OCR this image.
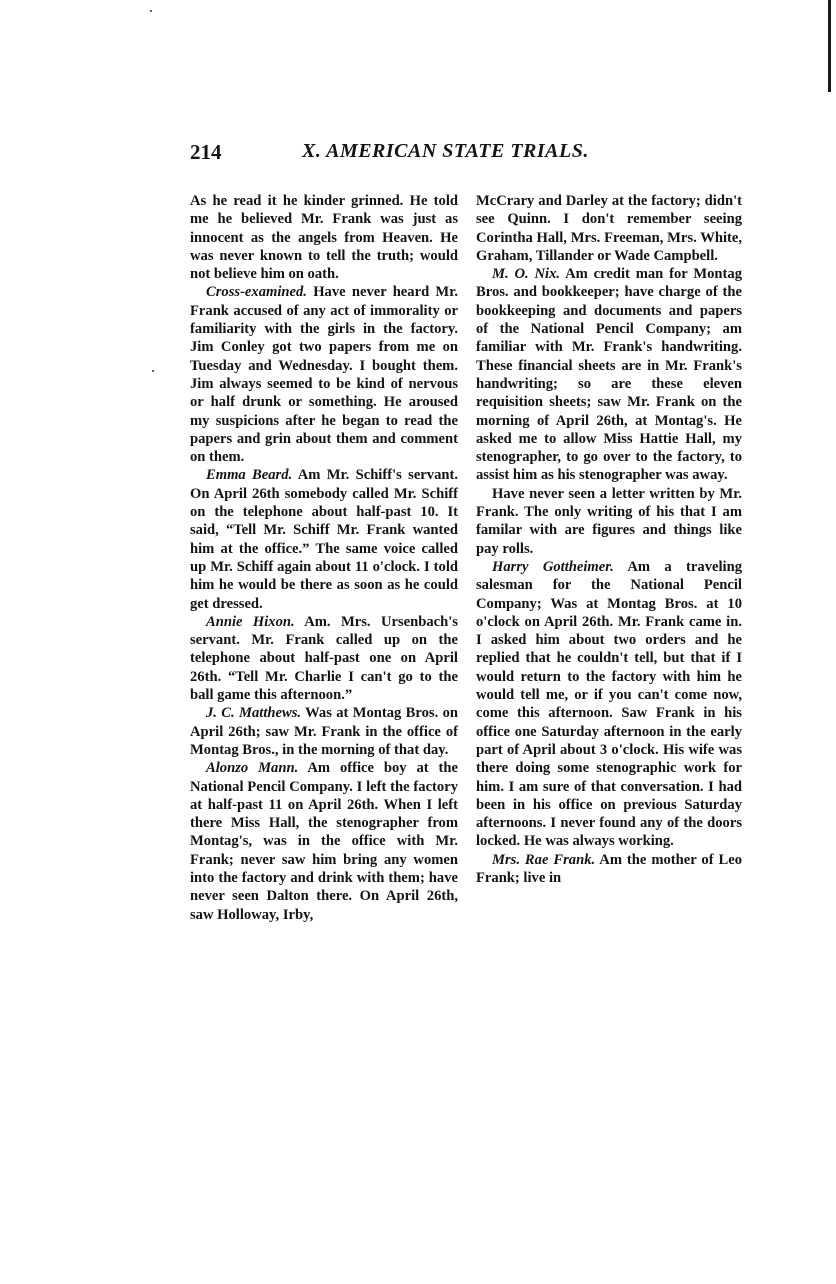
214	X. AMERICAN STATE TRIALS.

As he read it he kinder grinned. He told me he believed Mr. Frank was just as innocent as the angels from Heaven. He was never known to tell the truth; would not believe him on oath.

Cross-examined. Have never heard Mr. Frank accused of any act of immorality or familiarity with the girls in the factory. Jim Conley got two papers from me on Tuesday and Wednesday. I bought them. Jim always seemed to be kind of nervous or half drunk or something. He aroused my suspicions after he began to read the papers and grin about them and comment on them.

Emma Beard. Am Mr. Schiff's servant. On April 26th somebody called Mr. Schiff on the telephone about half-past 10. It said, “Tell Mr. Schiff Mr. Frank wanted him at the office.” The same voice called up Mr. Schiff again about 11 o'clock. I told him he would be there as soon as he could get dressed.

Annie Hixon. Am. Mrs. Ursenbach's servant. Mr. Frank called up on the telephone about half-past one on April 26th. “Tell Mr. Charlie I can't go to the ball game this afternoon.”

J. C. Matthews. Was at Montag Bros. on April 26th; saw Mr. Frank in the office of Montag Bros., in the morning of that day.

Alonzo Mann. Am office boy at the National Pencil Company. I left the factory at half-past 11 on April 26th. When I left there Miss Hall, the stenographer from Montag's, was in the office with Mr. Frank; never saw him bring any women into the factory and drink with them; have never seen Dalton there. On April 26th, saw Holloway, Irby,

McCrary and Darley at the factory; didn't see Quinn. I don't remember seeing Corintha Hall, Mrs. Freeman, Mrs. White, Graham, Tillander or Wade Campbell.

M. O. Nix. Am credit man for Montag Bros. and bookkeeper; have charge of the bookkeeping and documents and papers of the National Pencil Company; am familiar with Mr. Frank's handwriting. These financial sheets are in Mr. Frank's handwriting; so are these eleven requisition sheets; saw Mr. Frank on the morning of April 26th, at Montag's. He asked me to allow Miss Hattie Hall, my stenographer, to go over to the factory, to assist him as his stenographer was away.

Have never seen a letter written by Mr. Frank. The only writing of his that I am familar with are figures and things like pay rolls.

Harry Gottheimer. Am a traveling salesman for the National Pencil Company; Was at Montag Bros. at 10 o'clock on April 26th. Mr. Frank came in. I asked him about two orders and he replied that he couldn't tell, but that if I would return to the factory with him he would tell me, or if you can't come now, come this afternoon. Saw Frank in his office one Saturday afternoon in the early part of April about 3 o'clock. His wife was there doing some stenographic work for him. I am sure of that conversation. I had been in his office on previous Saturday afternoons. I never found any of the doors locked. He was always working.

Mrs. Rae Frank. Am the mother of Leo Frank; live in
